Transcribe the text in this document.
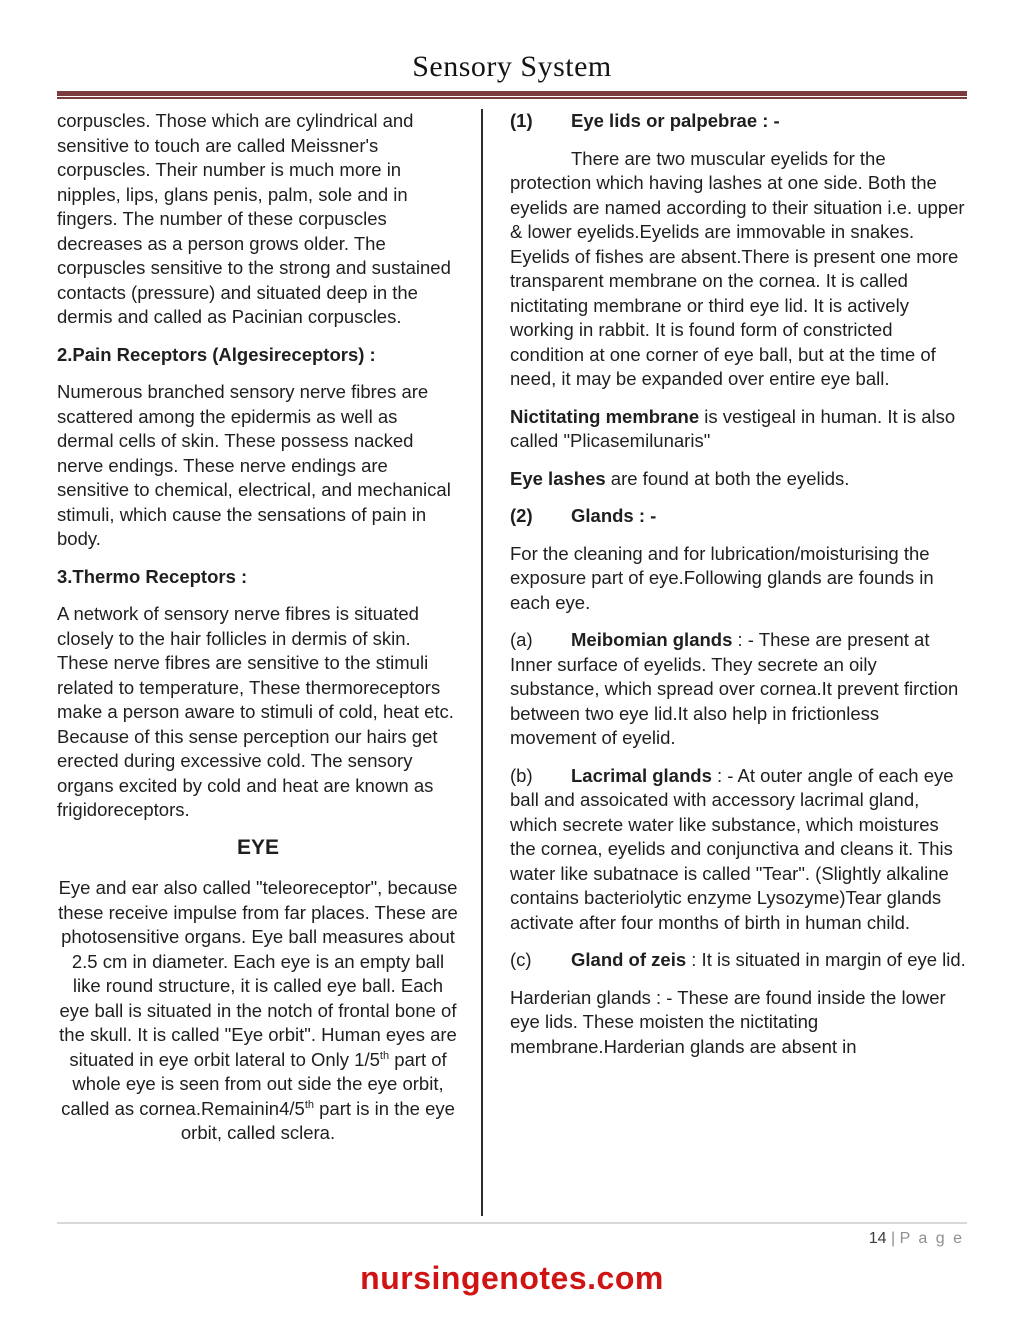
Sensory System

corpuscles. Those which are cylindrical and sensitive to touch are called Meissner's corpuscles. Their number is much more in nipples, lips, glans penis, palm, sole and in fingers. The number of these corpuscles decreases as a person grows older. The corpuscles sensitive to the strong and sustained contacts (pressure) and situated deep in the dermis and called as Pacinian corpuscles.

2.Pain Receptors (Algesireceptors) :

Numerous branched sensory nerve fibres are scattered among the epidermis as well as dermal cells of skin. These possess nacked nerve endings. These nerve endings are sensitive to chemical, electrical, and mechanical stimuli, which cause the sensations of pain in body.

3.Thermo Receptors :

A network of sensory nerve fibres is situated closely to the hair follicles in dermis of skin. These nerve fibres are sensitive to the stimuli related to temperature, These thermoreceptors make a person aware to stimuli of cold, heat etc. Because of this sense perception our hairs get erected during excessive cold. The sensory organs excited by cold and heat are known as frigidoreceptors.

EYE

Eye and ear also called "teleoreceptor", because these receive impulse from far places. These are photosensitive organs. Eye ball measures about 2.5 cm in diameter. Each eye is an empty ball like round structure, it is called eye ball. Each eye ball is situated in the notch of frontal bone of the skull. It is called "Eye orbit". Human eyes are situated in eye orbit lateral to Only 1/5th part of whole eye is seen from out side the eye orbit, called as cornea.Remainin4/5th part is in the eye orbit, called sclera.

(1) Eye lids or palpebrae : -

There are two muscular eyelids for the protection which having lashes at one side. Both the eyelids are named according to their situation i.e. upper & lower eyelids.Eyelids are immovable in snakes. Eyelids of fishes are absent.There is present one more transparent membrane on the cornea. It is called nictitating membrane or third eye lid. It is actively working in rabbit. It is found form of constricted condition at one corner of eye ball, but at the time of need, it may be expanded over entire eye ball.

Nictitating membrane is vestigeal in human. It is also called "Plicasemilunaris"

Eye lashes are found at both the eyelids.

(2) Glands : -

For the cleaning and for lubrication/moisturising the exposure part of eye.Following glands are founds in each eye.

(a) Meibomian glands : - These are present at Inner surface of eyelids. They secrete an oily substance, which spread over cornea.It prevent firction between two eye lid.It also help in frictionless movement of eyelid.

(b) Lacrimal glands : - At outer angle of each eye ball and assoicated with accessory lacrimal gland, which secrete water like substance, which moistures the cornea, eyelids and conjunctiva and cleans it. This water like subatnace is called "Tear". (Slightly alkaline contains bacteriolytic enzyme Lysozyme)Tear glands activate after four months of birth in human child.

(c) Gland of zeis : It is situated in margin of eye lid.

Harderian glands : - These are found inside the lower eye lids. These moisten the nictitating membrane.Harderian glands are absent in

14 | P a g e
nursingenotes.com
